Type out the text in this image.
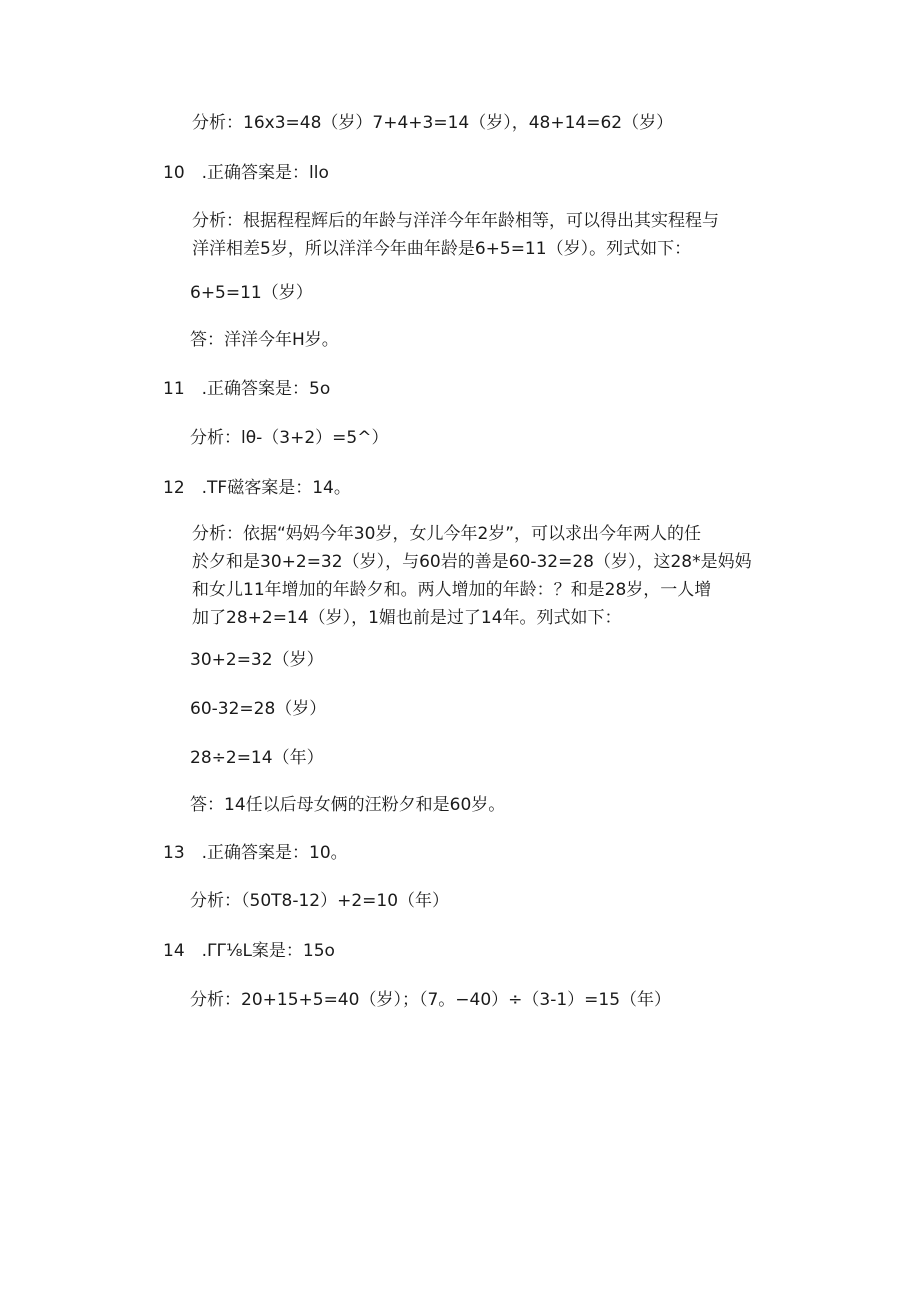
分析：16x3=48（岁）7+4+3=14（岁），48+14=62（岁）
10　.正确答案是：llo
分析：根据程程辉后的年龄与洋洋今年年龄相等，可以得出其实程程与
洋洋相差5岁，所以洋洋今年曲年龄是6+5=11（岁）。列式如下：
6+5=11（岁）
答：洋洋今年H岁。
11　.正确答案是：5o
分析：lθ-（3+2）=5^）
12　.TF磁客案是：14。
分析：依据“妈妈今年30岁，女儿今年2岁”，可以求出今年两人的任
於夕和是30+2=32（岁），与60岩的善是60-32=28（岁），这28*是妈妈
和女儿11年增加的年龄夕和。两人增加的年龄：？和是28岁，一人增
加了28+2=14（岁），1媚也前是过了14年。列式如下：
30+2=32（岁）
60-32=28（岁）
28÷2=14（年）
答：14任以后母女俩的汪粉夕和是60岁。
13　.正确答案是：10。
分析：（50T8-12）+2=10（年）
14　.ΓΓ⅛L案是：15o
分析：20+15+5=40（岁）；（7。−40）÷（3-1）=15（年）
